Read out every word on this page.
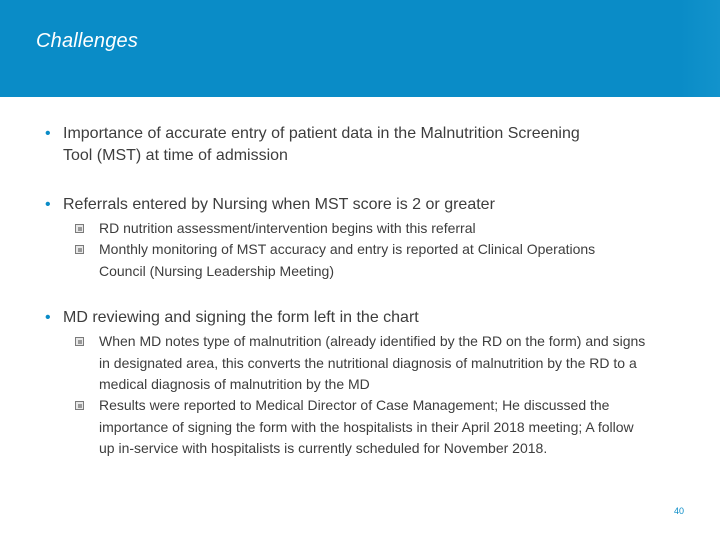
Challenges
• Importance of accurate entry of patient data in the Malnutrition Screening Tool (MST) at time of admission
• Referrals entered by Nursing when MST score is 2 or greater
RD nutrition assessment/intervention begins with this referral
Monthly monitoring of MST accuracy and entry is reported at Clinical Operations Council (Nursing Leadership Meeting)
• MD reviewing and signing the form left in the chart
When MD notes type of malnutrition (already identified by the RD on the form) and signs in designated area, this converts the nutritional diagnosis of malnutrition by the RD to a medical diagnosis of malnutrition by the MD
Results were reported to Medical Director of Case Management; He discussed the importance of signing the form with the hospitalists in their April 2018 meeting; A follow up in-service with hospitalists is currently scheduled for November 2018.
40
